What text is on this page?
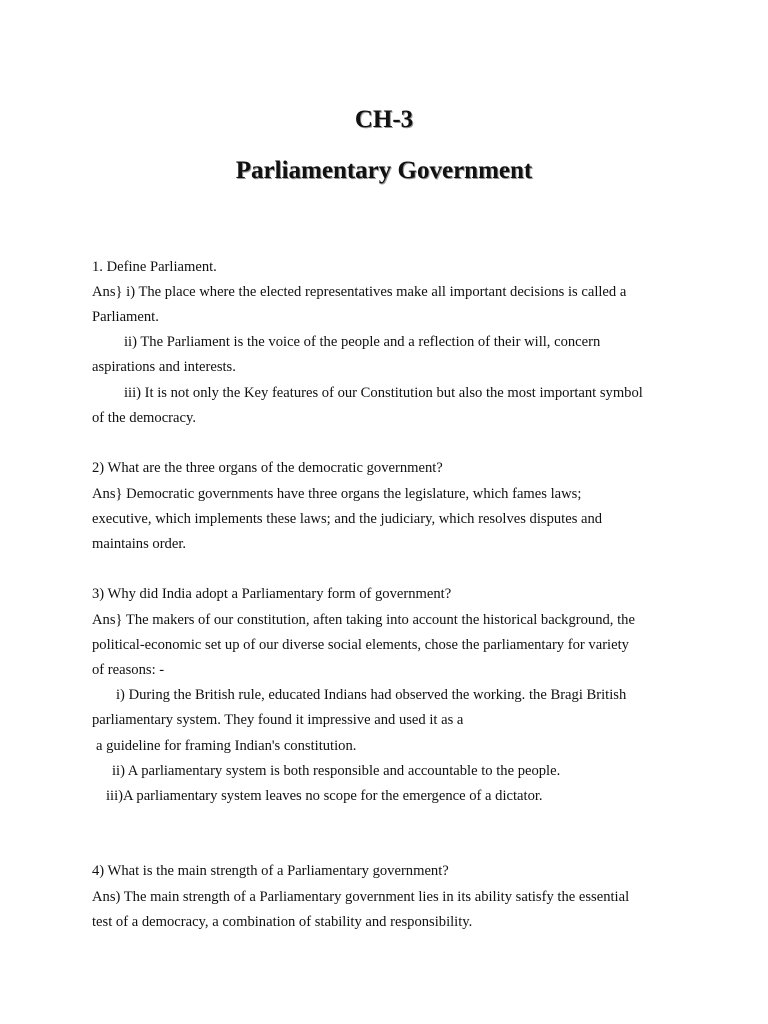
CH-3
Parliamentary Government
1. Define Parliament.
Ans} i) The place where the elected representatives make all important decisions is called a
Parliament.
ii) The Parliament is the voice of the people and a reflection of their will, concern
aspirations and interests.
iii) It is not only the Key features of our Constitution but also the most important symbol
of the democracy.
2) What are the three organs of the democratic government?
Ans} Democratic governments have three organs the legislature, which fames laws;
executive, which implements these laws; and the judiciary, which resolves disputes and
maintains order.
3) Why did India adopt a Parliamentary form of government?
Ans} The makers of our constitution, aften taking into account the historical background, the
political-economic set up of our diverse social elements, chose the parliamentary for variety
of reasons: -
i) During the British rule, educated Indians had observed the working. the Bragi British
parliamentary system. They found it impressive and used it as a
a guideline for framing Indian's constitution.
ii) A parliamentary system is both responsible and accountable to the people.
iii)A parliamentary system leaves no scope for the emergence of a dictator.
4) What is the main strength of a Parliamentary government?
Ans) The main strength of a Parliamentary government lies in its ability satisfy the essential
test of a democracy, a combination of stability and responsibility.
